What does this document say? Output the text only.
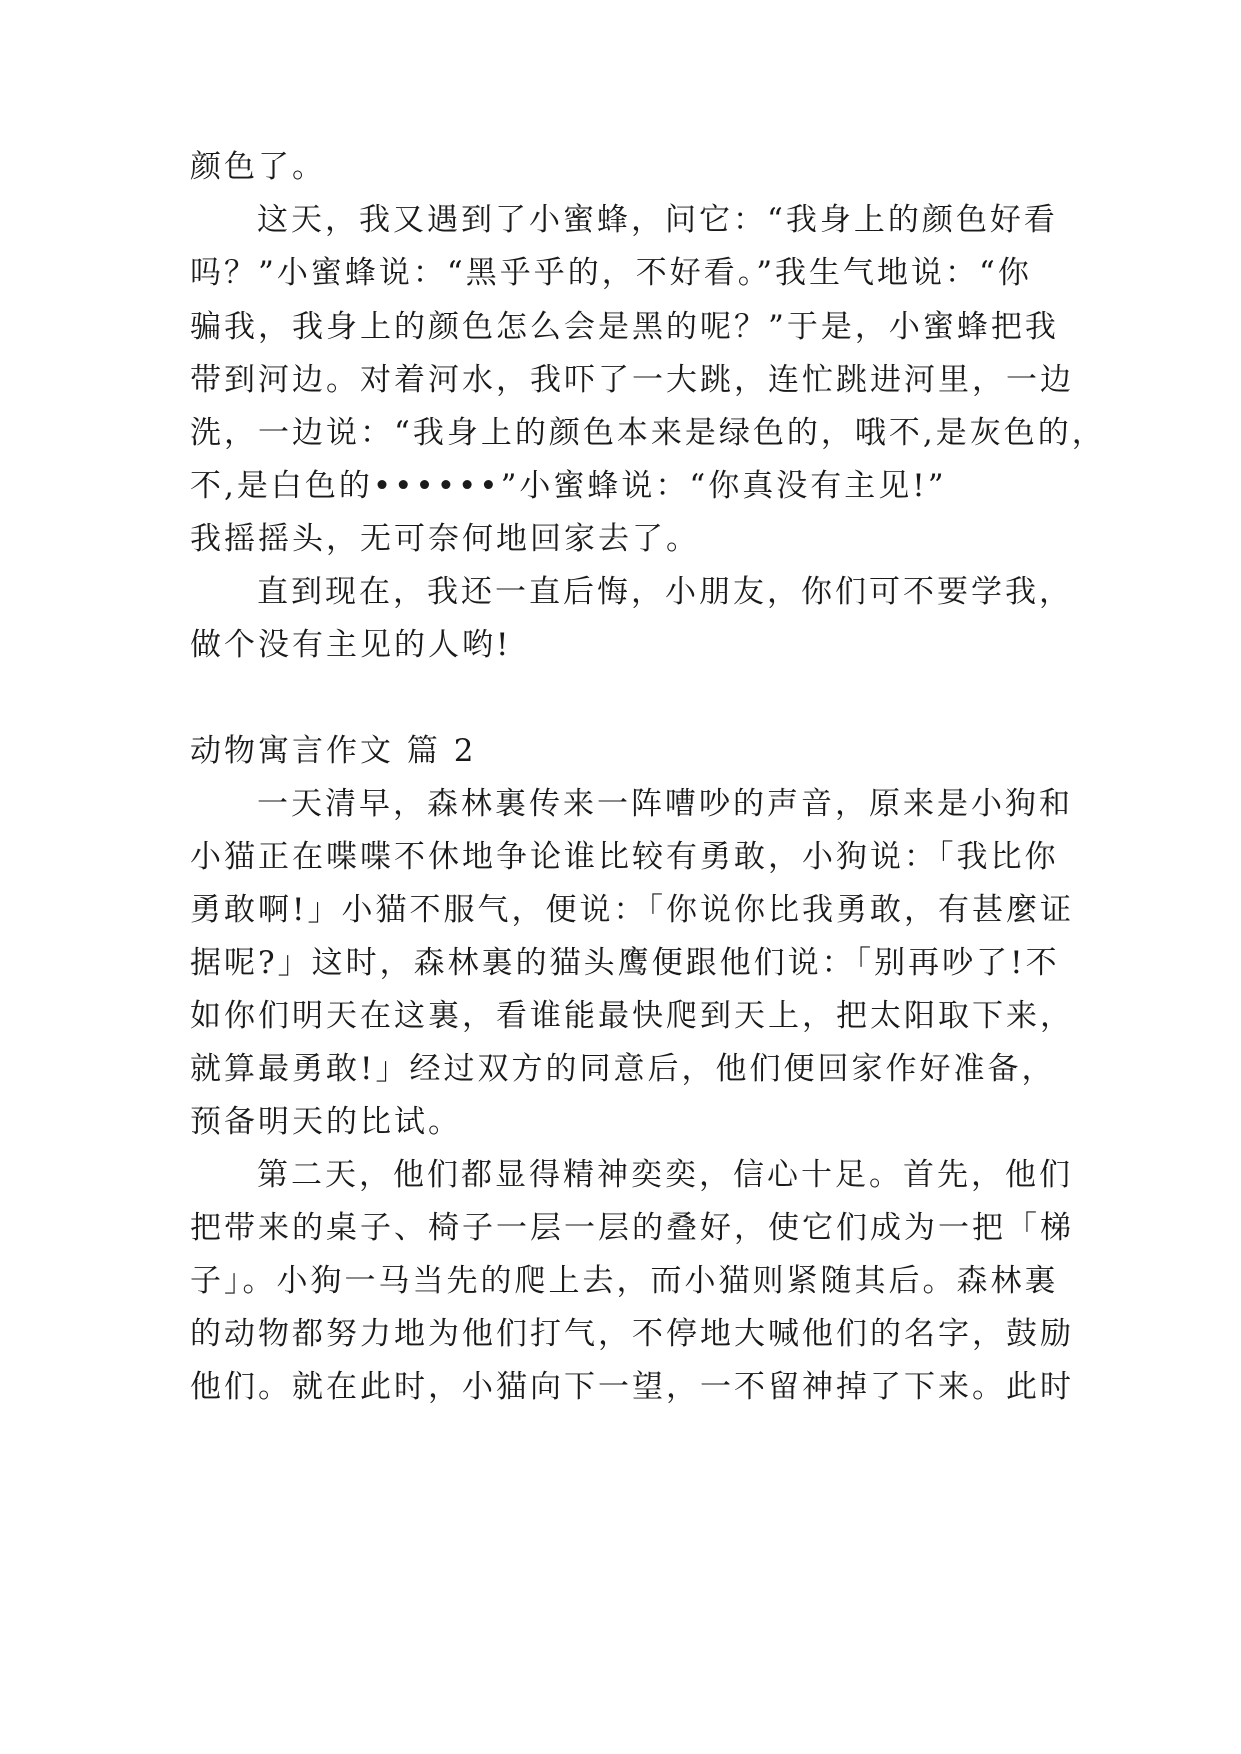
颜色了。
这天，我又遇到了小蜜蜂，问它：“我身上的颜色好看
吗？”小蜜蜂说：“黑乎乎的，不好看。”我生气地说：“你
骗我，我身上的颜色怎么会是黑的呢？”于是，小蜜蜂把我
带到河边。对着河水，我吓了一大跳，连忙跳进河里，一边
洗，一边说：“我身上的颜色本来是绿色的，哦不,是灰色的，
不,是白色的••••••”小蜜蜂说：“你真没有主见!”
我摇摇头，无可奈何地回家去了。
直到现在，我还一直后悔，小朋友，你们可不要学我，
做个没有主见的人哟!
动物寓言作文 篇 2
一天清早，森林裏传来一阵嘈吵的声音，原来是小狗和
小猫正在喋喋不休地争论谁比较有勇敢，小狗说：「我比你
勇敢啊!」小猫不服气，便说：「你说你比我勇敢，有甚麼证
据呢?」这时，森林裏的猫头鹰便跟他们说：「别再吵了!不
如你们明天在这裏，看谁能最快爬到天上，把太阳取下来，
就算最勇敢!」经过双方的同意后，他们便回家作好准备，
预备明天的比试。
第二天，他们都显得精神奕奕，信心十足。首先，他们
把带来的桌子、椅子一层一层的叠好，使它们成为一把「梯
子」。小狗一马当先的爬上去，而小猫则紧随其后。森林裏
的动物都努力地为他们打气，不停地大喊他们的名字，鼓励
他们。就在此时，小猫向下一望，一不留神掉了下来。此时
